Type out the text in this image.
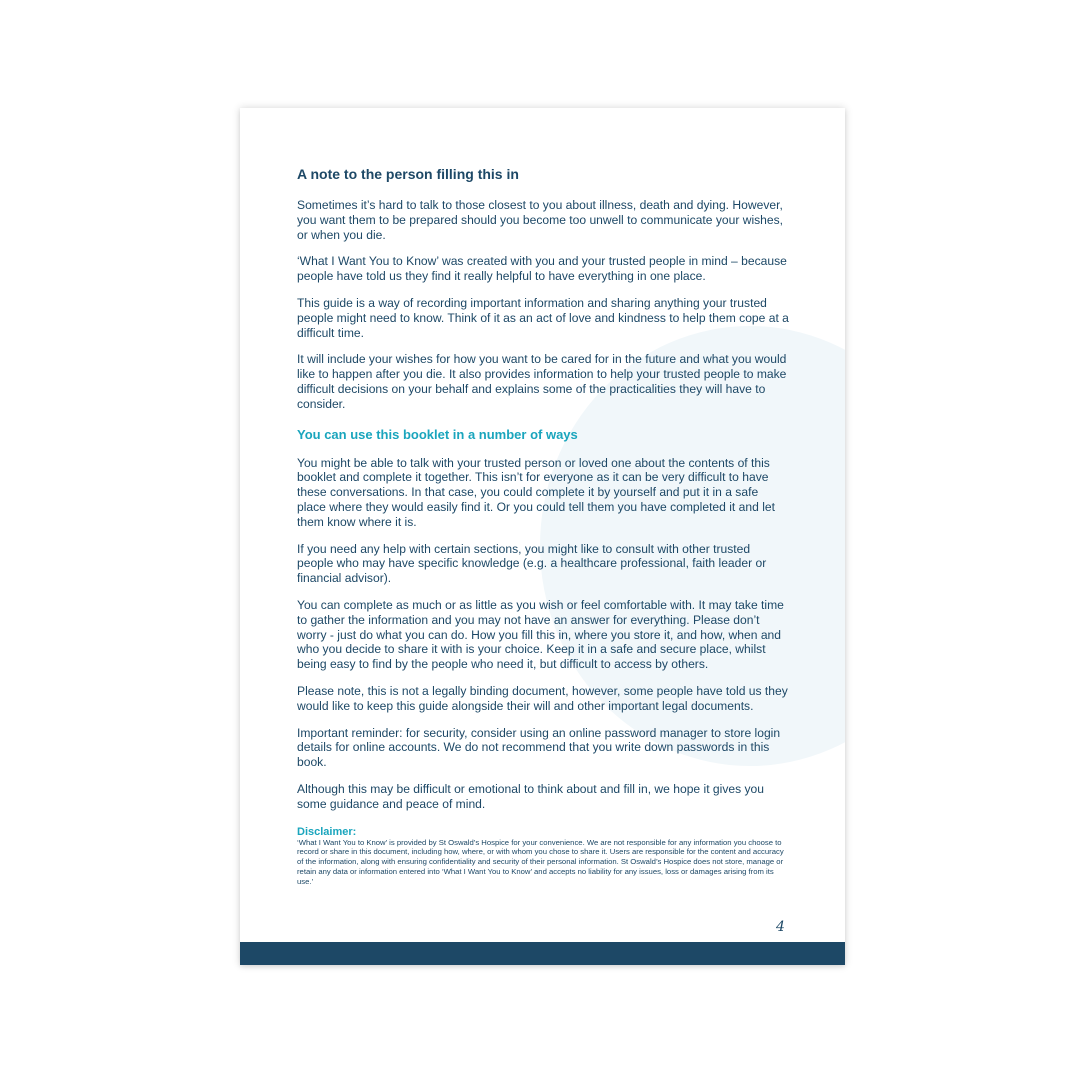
A note to the person filling this in

Sometimes it’s hard to talk to those closest to you about illness, death and dying. However, you want them to be prepared should you become too unwell to communicate your wishes, or when you die.

‘What I Want You to Know’ was created with you and your trusted people in mind – because people have told us they find it really helpful to have everything in one place.

This guide is a way of recording important information and sharing anything your trusted people might need to know. Think of it as an act of love and kindness to help them cope at a difficult time.

It will include your wishes for how you want to be cared for in the future and what you would like to happen after you die. It also provides information to help your trusted people to make difficult decisions on your behalf and explains some of the practicalities they will have to consider.

You can use this booklet in a number of ways

You might be able to talk with your trusted person or loved one about the contents of this booklet and complete it together. This isn’t for everyone as it can be very difficult to have these conversations. In that case, you could complete it by yourself and put it in a safe place where they would easily find it. Or you could tell them you have completed it and let them know where it is.

If you need any help with certain sections, you might like to consult with other trusted people who may have specific knowledge (e.g. a healthcare professional, faith leader or financial advisor).

You can complete as much or as little as you wish or feel comfortable with. It may take time to gather the information and you may not have an answer for everything. Please don’t worry - just do what you can do. How you fill this in, where you store it, and how, when and who you decide to share it with is your choice. Keep it in a safe and secure place, whilst being easy to find by the people who need it, but difficult to access by others.

Please note, this is not a legally binding document, however, some people have told us they would like to keep this guide alongside their will and other important legal documents.

Important reminder: for security, consider using an online password manager to store login details for online accounts. We do not recommend that you write down passwords in this book.

Although this may be difficult or emotional to think about and fill in, we hope it gives you some guidance and peace of mind.

Disclaimer:

‘What I Want You to Know’ is provided by St Oswald’s Hospice for your convenience. We are not responsible for any information you choose to record or share in this document, including how, where, or with whom you chose to share it. Users are responsible for the content and accuracy of the information, along with ensuring confidentiality and security of their personal information. St Oswald’s Hospice does not store, manage or retain any data or information entered into ‘What I Want You to Know’ and accepts no liability for any issues, loss or damages arising from its use.’

4
